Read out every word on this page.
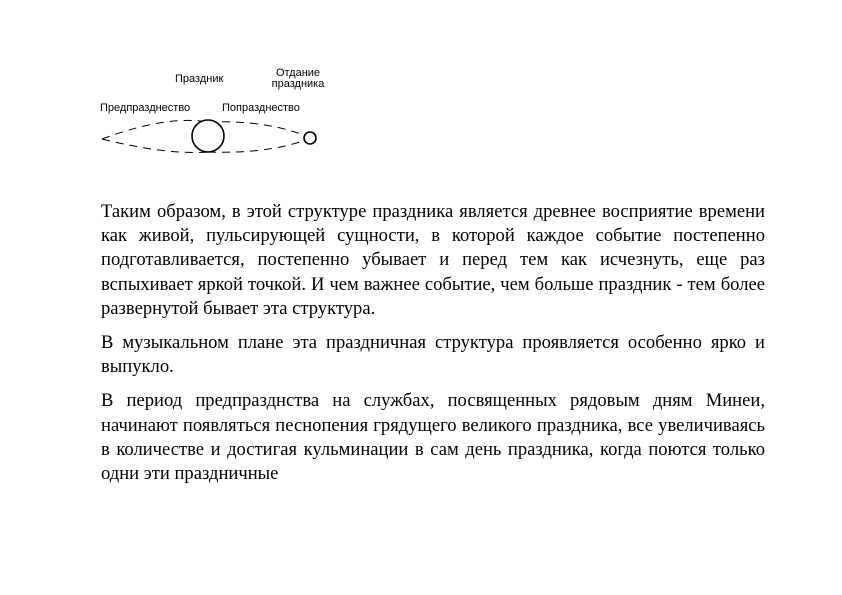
Праздник	Отдание
праздника
Предпразднество	Попразднество

Таким образом, в этой структуре праздника является древнее восприятие времени как живой, пульсирующей сущности, в которой каждое событие постепенно подготавливается, постепенно убывает и перед тем как исчезнуть, еще раз вспыхивает яркой точкой. И чем важнее событие, чем больше праздник - тем более развернутой бывает эта структура.

В музыкальном плане эта праздничная структура проявляется особенно ярко и выпукло.

В период предпразднства на службах, посвященных рядовым дням Минеи, начинают появляться песнопения грядущего великого праздника, все увеличиваясь в количестве и достигая кульминации в сам день праздника, когда поются только одни эти праздничные
